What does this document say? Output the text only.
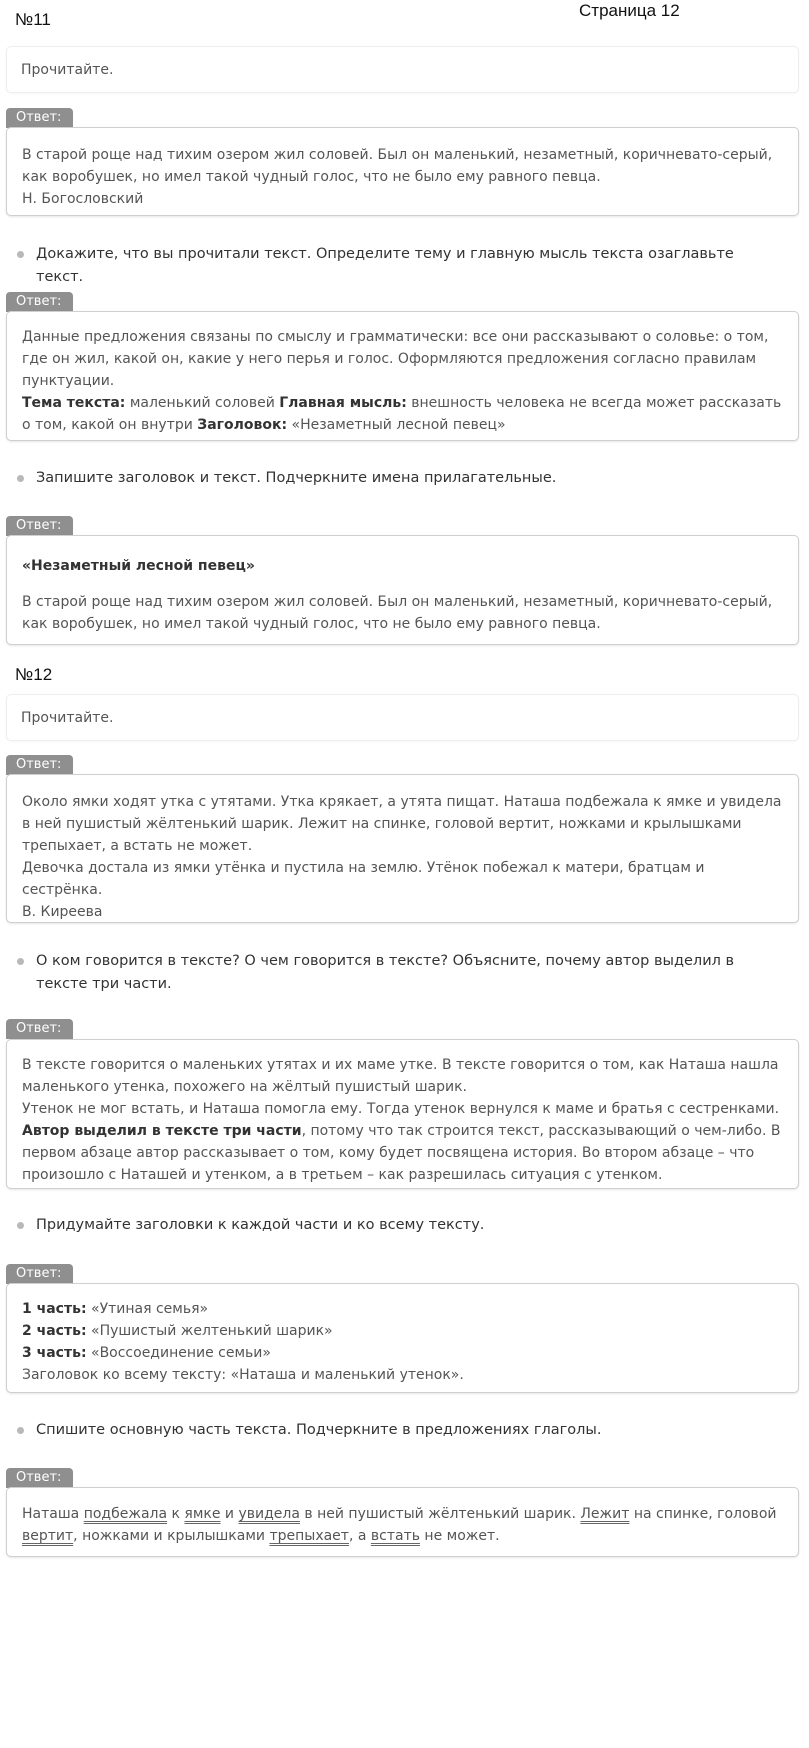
№11	Страница 12
Прочитайте.
Ответ:

В старой роще над тихим озером жил соловей. Был он маленький, незаметный, коричневато-серый,

как воробушек, но имел такой чудный голос, что не было ему равного певца.

Н. Богословский

Докажите, что вы прочитали текст. Определите тему и главную мысль текста озаглавьте текст.
Ответ:

Данные предложения связаны по смыслу и грамматически: все они рассказывают о соловье: о том, где он жил, какой он, какие у него перья и голос. Оформляются предложения согласно правилам пунктуации.

Тема текста: маленький соловей Главная мысль: внешность человека не всегда может рассказать о том, какой он внутри Заголовок: «Незаметный лесной певец»

Запишите заголовок и текст. Подчеркните имена прилагательные.
Ответ:

«Незаметный лесной певец»

В старой роще над тихим озером жил соловей. Был он маленький, незаметный, коричневато-серый,

как воробушек, но имел такой чудный голос, что не было ему равного певца.

№12
Прочитайте.
Ответ:

Около ямки ходят утка с утятами. Утка крякает, а утята пищат. Наташа подбежала к ямке и увидела в ней пушистый жёлтенький шарик. Лежит на спинке, головой вертит, ножками и крылышками трепыхает, а встать не может.

Девочка достала из ямки утёнка и пустила на землю. Утёнок побежал к матери, братцам и сестрёнка.

В. Киреева

О ком говорится в тексте? О чем говорится в тексте? Объясните, почему автор выделил в тексте три части.
Ответ:

В тексте говорится о маленьких утятах и их маме утке. В тексте говорится о том, как Наташа нашла маленького утенка, похожего на жёлтый пушистый шарик.

Утенок не мог встать, и Наташа помогла ему. Тогда утенок вернулся к маме и братья с сестренками.

Автор выделил в тексте три части, потому что так строится текст, рассказывающий о чем-либо. В первом абзаце автор рассказывает о том, кому будет посвящена история. Во втором абзаце – что произошло с Наташей и утенком, а в третьем – как разрешилась ситуация с утенком.

Придумайте заголовки к каждой части и ко всему тексту.
Ответ:

1 часть: «Утиная семья»

2 часть: «Пушистый желтенький шарик»

3 часть: «Воссоединение семьи»

Заголовок ко всему тексту: «Наташа и маленький утенок».

Спишите основную часть текста. Подчеркните в предложениях глаголы.
Ответ:

Наташа подбежала к ямке и увидела в ней пушистый жёлтенький шарик. Лежит на спинке, головой вертит, ножками и крылышками трепыхает, а встать не может.
